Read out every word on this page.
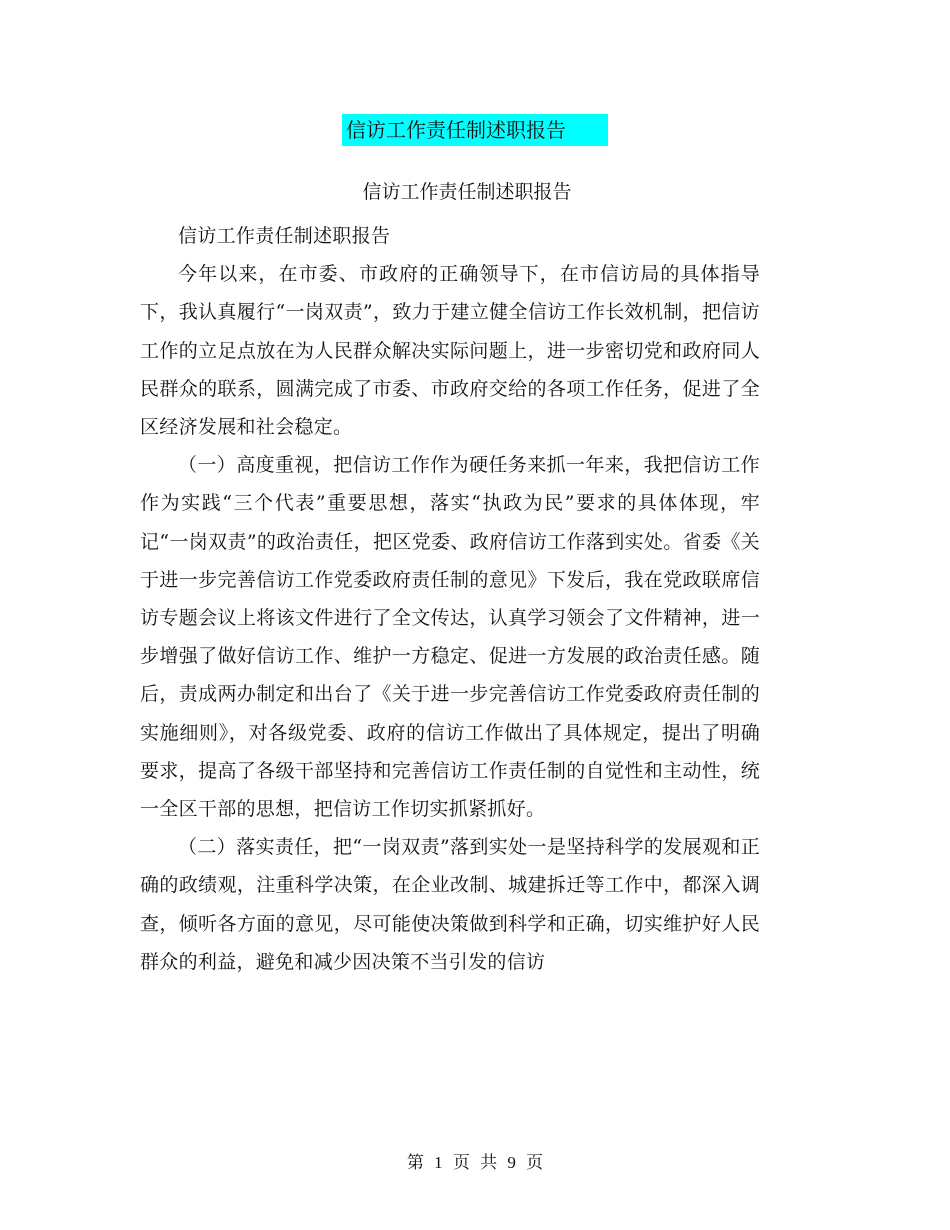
信访工作责任制述职报告
信访工作责任制述职报告

信访工作责任制述职报告

今年以来，在市委、市政府的正确领导下，在市信访局的具体指导下，我认真履行“一岗双责”，致力于建立健全信访工作长效机制，把信访工作的立足点放在为人民群众解决实际问题上，进一步密切党和政府同人民群众的联系，圆满完成了市委、市政府交给的各项工作任务，促进了全区经济发展和社会稳定。

（一）高度重视，把信访工作作为硬任务来抓一年来，我把信访工作作为实践“三个代表”重要思想，落实“执政为民”要求的具体体现，牢记“一岗双责”的政治责任，把区党委、政府信访工作落到实处。省委《关于进一步完善信访工作党委政府责任制的意见》下发后，我在党政联席信访专题会议上将该文件进行了全文传达，认真学习领会了文件精神，进一步增强了做好信访工作、维护一方稳定、促进一方发展的政治责任感。随后，责成两办制定和出台了《关于进一步完善信访工作党委政府责任制的实施细则》，对各级党委、政府的信访工作做出了具体规定，提出了明确要求，提高了各级干部坚持和完善信访工作责任制的自觉性和主动性，统一全区干部的思想，把信访工作切实抓紧抓好。

（二）落实责任，把“一岗双责”落到实处一是坚持科学的发展观和正确的政绩观，注重科学决策，在企业改制、城建拆迁等工作中，都深入调查，倾听各方面的意见，尽可能使决策做到科学和正确，切实维护好人民群众的利益，避免和减少因决策不当引发的信访

第 1 页 共 9 页
